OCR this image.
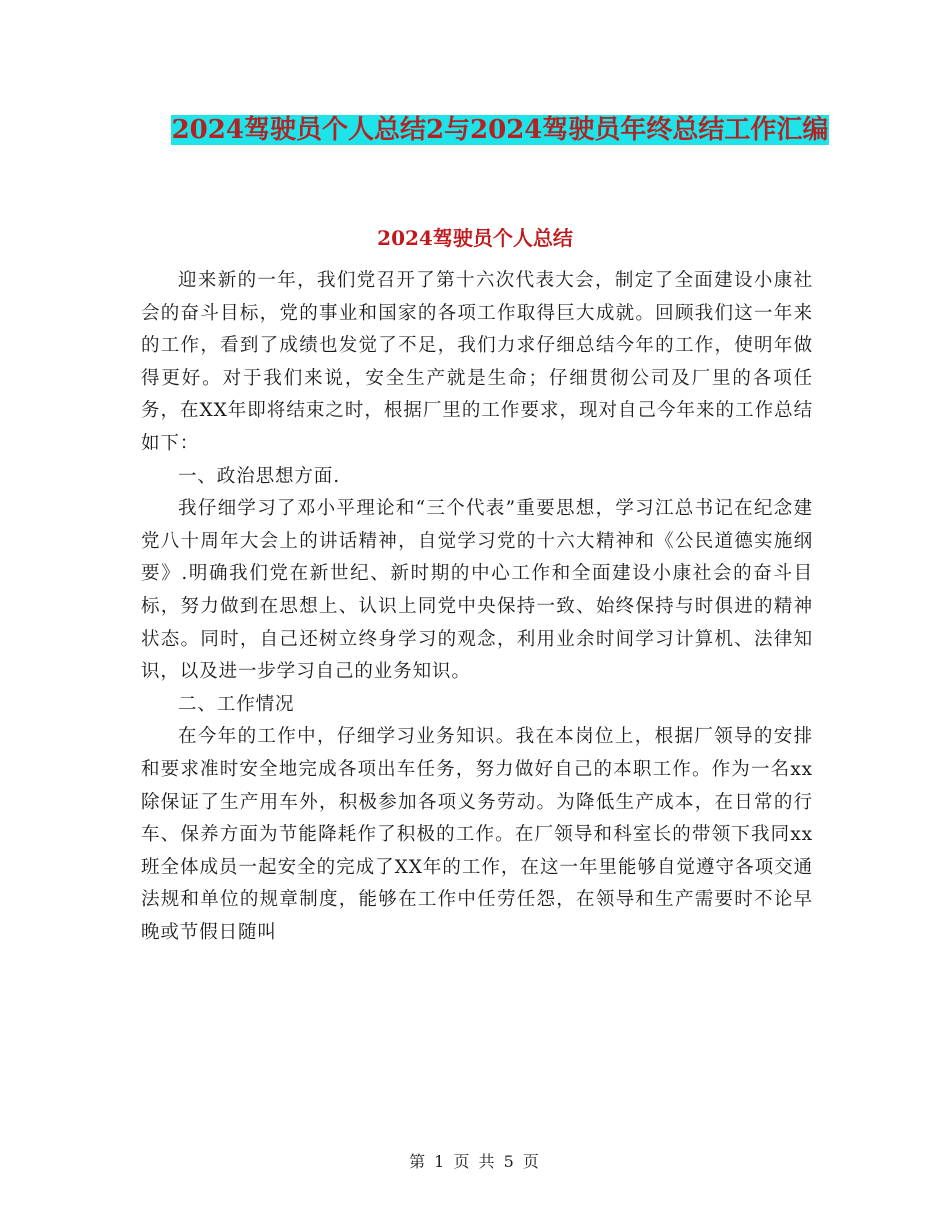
2024驾驶员个人总结2与2024驾驶员年终总结工作汇编
2024驾驶员个人总结

迎来新的一年，我们党召开了第十六次代表大会，制定了全面建设小康社会的奋斗目标，党的事业和国家的各项工作取得巨大成就。回顾我们这一年来的工作，看到了成绩也发觉了不足，我们力求仔细总结今年的工作，使明年做得更好。对于我们来说，安全生产就是生命；仔细贯彻公司及厂里的各项任务，在XX年即将结束之时，根据厂里的工作要求，现对自己今年来的工作总结如下：

一、政治思想方面.

我仔细学习了邓小平理论和“三个代表”重要思想，学习江总书记在纪念建党八十周年大会上的讲话精神，自觉学习党的十六大精神和《公民道德实施纲要》.明确我们党在新世纪、新时期的中心工作和全面建设小康社会的奋斗目标，努力做到在思想上、认识上同党中央保持一致、始终保持与时俱进的精神状态。同时，自己还树立终身学习的观念，利用业余时间学习计算机、法律知识，以及进一步学习自己的业务知识。

二、工作情况

在今年的工作中，仔细学习业务知识。我在本岗位上，根据厂领导的安排和要求准时安全地完成各项出车任务，努力做好自己的本职工作。作为一名xx除保证了生产用车外，积极参加各项义务劳动。为降低生产成本，在日常的行车、保养方面为节能降耗作了积极的工作。在厂领导和科室长的带领下我同xx班全体成员一起安全的完成了XX年的工作，在这一年里能够自觉遵守各项交通法规和单位的规章制度，能够在工作中任劳任怨，在领导和生产需要时不论早晚或节假日随叫

第 1 页 共 5 页
